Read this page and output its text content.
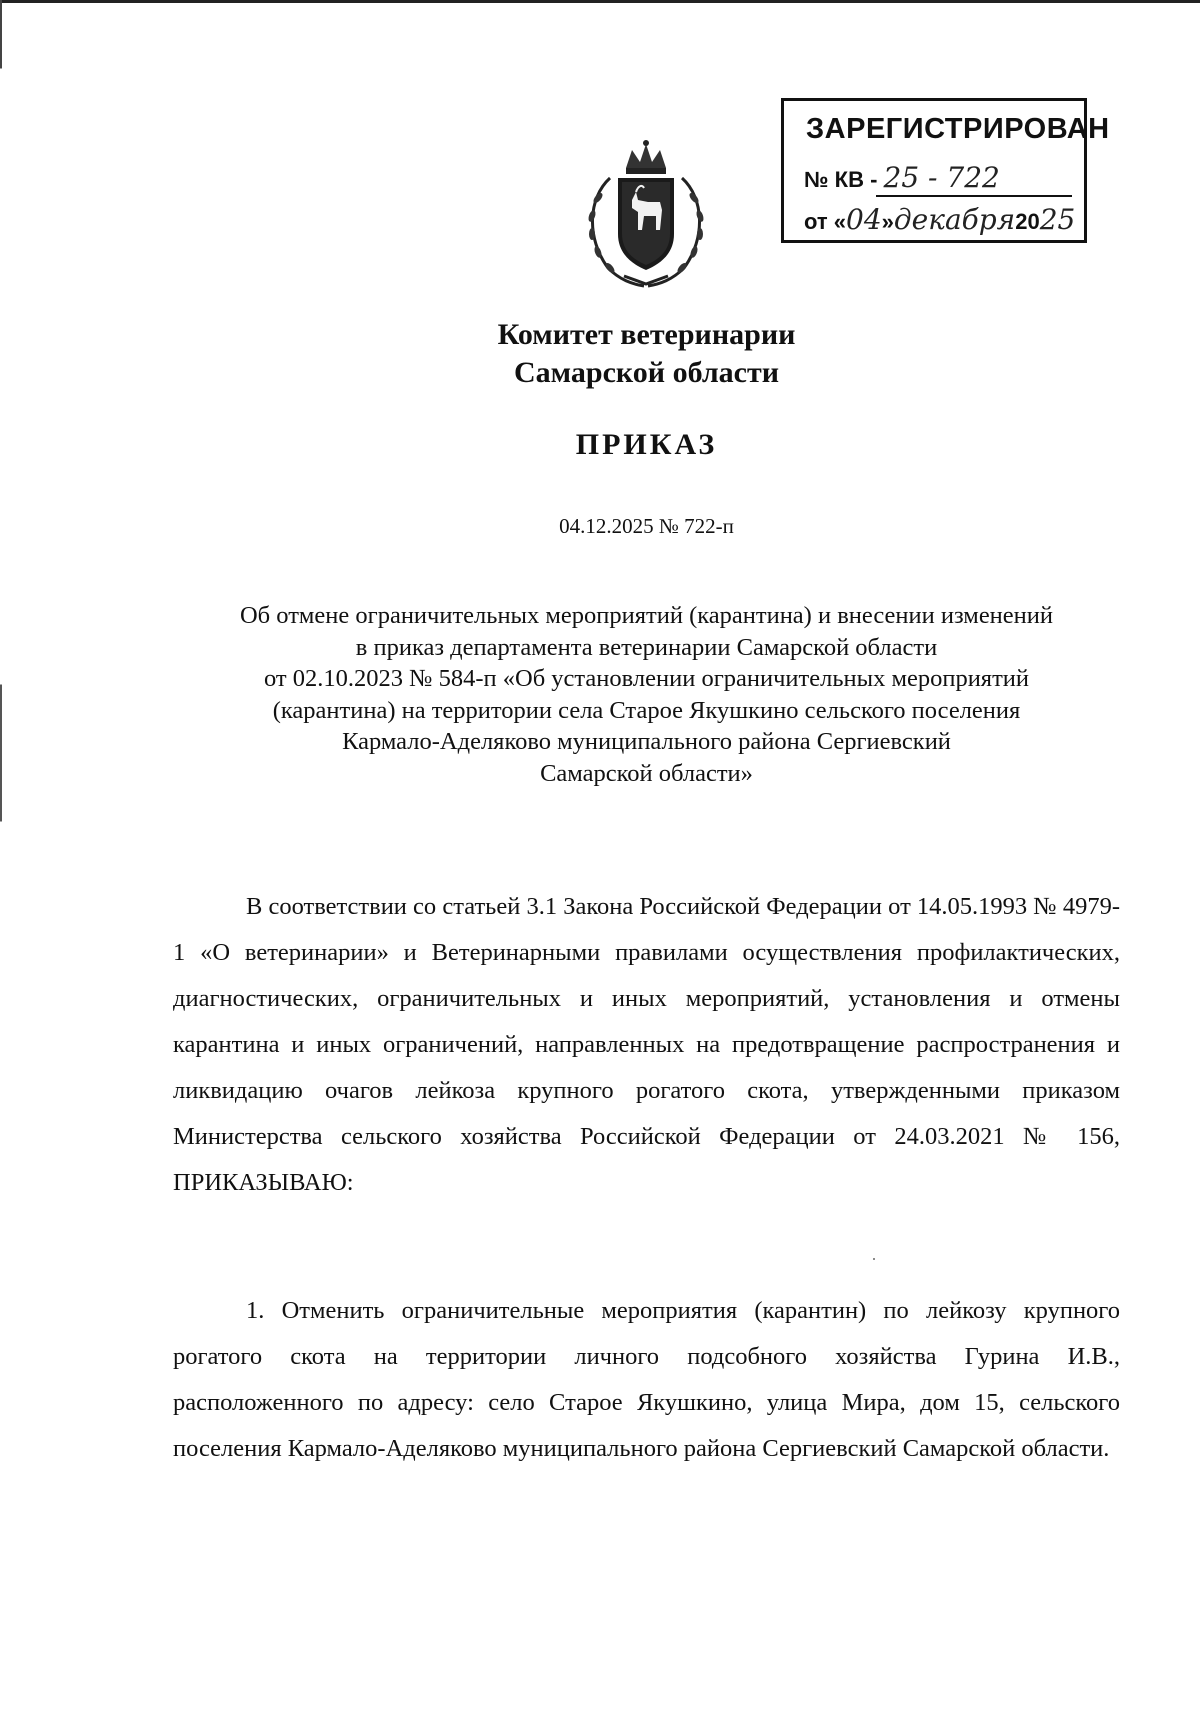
ЗАРЕГИСТРИРОВАН
№ КВ - 25 - 722
от «04»декабря2025
Комитет ветеринарии
Самарской области
ПРИКАЗ
04.12.2025 № 722-п
Об отмене ограничительных мероприятий (карантина) и внесении изменений
в приказ департамента ветеринарии Самарской области
от 02.10.2023 № 584-п «Об установлении ограничительных мероприятий
(карантина) на территории села Старое Якушкино сельского поселения
Кармало-Аделяково муниципального района Сергиевский
Самарской области»
В соответствии со статьей 3.1 Закона Российской Федерации от 14.05.1993 № 4979-1 «О ветеринарии» и Ветеринарными правилами осуществления профилактических, диагностических, ограничительных и иных мероприятий, установления и отмены карантина и иных ограничений, направленных на предотвращение распространения и ликвидацию очагов лейкоза крупного рогатого скота, утвержденными приказом Министерства сельского хозяйства Российской Федерации от 24.03.2021 № 156, ПРИКАЗЫВАЮ:
1. Отменить ограничительные мероприятия (карантин) по лейкозу крупного рогатого скота на территории личного подсобного хозяйства Гурина И.В., расположенного по адресу: село Старое Якушкино, улица Мира, дом 15, сельского поселения Кармало-Аделяково муниципального района Сергиевский Самарской области.
